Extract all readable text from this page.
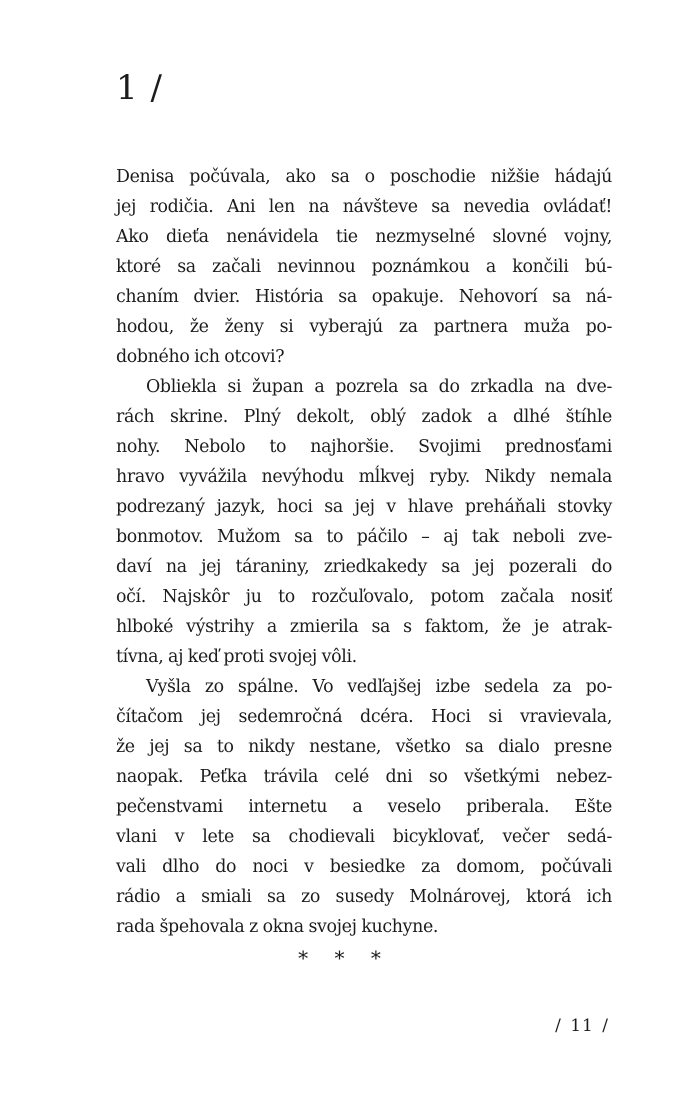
1 /
Denisa počúvala, ako sa o poschodie nižšie hádajú
jej rodičia. Ani len na návšteve sa nevedia ovládať!
Ako dieťa nenávidela tie nezmyselné slovné vojny,
ktoré sa začali nevinnou poznámkou a končili bú-
chaním dvier. História sa opakuje. Nehovorí sa ná-
hodou, že ženy si vyberajú za partnera muža po-
dobného ich otcovi?
Obliekla si župan a pozrela sa do zrkadla na dve-
rách skrine. Plný dekolt, oblý zadok a dlhé štíhle
nohy. Nebolo to najhoršie. Svojimi prednosťami
hravo vyvážila nevýhodu mĺkvej ryby. Nikdy nemala
podrezaný jazyk, hoci sa jej v hlave preháňali stovky
bonmotov. Mužom sa to páčilo – aj tak neboli zve-
daví na jej táraniny, zriedkakedy sa jej pozerali do
očí. Najskôr ju to rozčuľovalo, potom začala nosiť
hlboké výstrihy a zmierila sa s faktom, že je atrak-
tívna, aj keď proti svojej vôli.
Vyšla zo spálne. Vo vedľajšej izbe sedela za po-
čítačom jej sedemročná dcéra. Hoci si vravievala,
že jej sa to nikdy nestane, všetko sa dialo presne
naopak. Peťka trávila celé dni so všetkými nebez-
pečenstvami internetu a veselo priberala. Ešte
vlani v lete sa chodievali bicyklovať, večer sedá-
vali dlho do noci v besiedke za domom, počúvali
rádio a smiali sa zo susedy Molnárovej, ktorá ich
rada špehovala z okna svojej kuchyne.
* * *
/ 11 /
